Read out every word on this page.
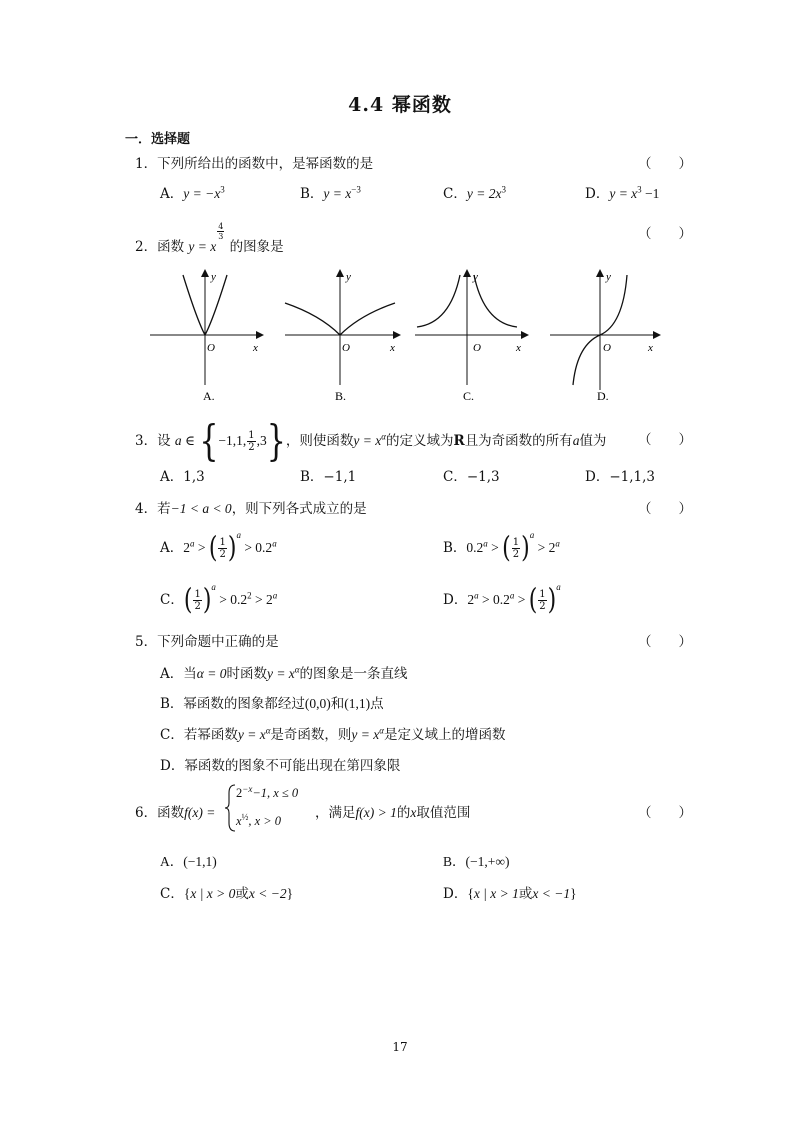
4.4 幂函数
一．选择题
1．下列所给出的函数中，是幂函数的是	（　　）
A．$y = -x^3$	B．$y = x^{-3}$	C．$y = 2x^3$	D．$y = x^3 -1$
2．函数 y = x
$\frac{4}{3}$
的图象是
（　　）
y
x
O
A.
y
x
O
B.
y
x
O
C.
y
x
O
D.
3．设 a ∈ {−1,1, $\frac{1}{2} ,3$}，则使函数$y = x^\alpha$的定义域为R且为奇函数的所有a值为 （　　）
A．1,3	B．−1,1	C．−1,3	D．−1,1,3
4．若−1 < a < 0，则下列各式成立的是	（　　）
A．$2^a$ > ( $\frac{1}{2} )^a > 0.2^a$	B．0.2$^a$ > ( $\frac{1}{2} )^a > 2^a$
C．( $\frac{1}{2} )^a > 0.2^2 > 2^a$	D．$2^a > 0.2^a$ > ( $\frac{1}{2} )^a$
5．下列命题中正确的是	（　　）
A．当α = 0时函数$y = x^\alpha$的图象是一条直线
B．幂函数的图象都经过(0,0)和(1,1)点
C．若幂函数$y = x^\alpha$是奇函数，则$y = x^\alpha$是定义域上的增函数
D．幂函数的图象不可能出现在第四象限
6．函数f(x) =
$2^{-x}-1$, x ≤ 0
$x^{\frac{1}{2}}$, x > 0
，满足f(x) > 1的x取值范围	（　　）
A．(−1,1)	B．(−1,+∞)
C．{x | x > 0或x < −2}	D．{x | x > 1或x < −1}
17
